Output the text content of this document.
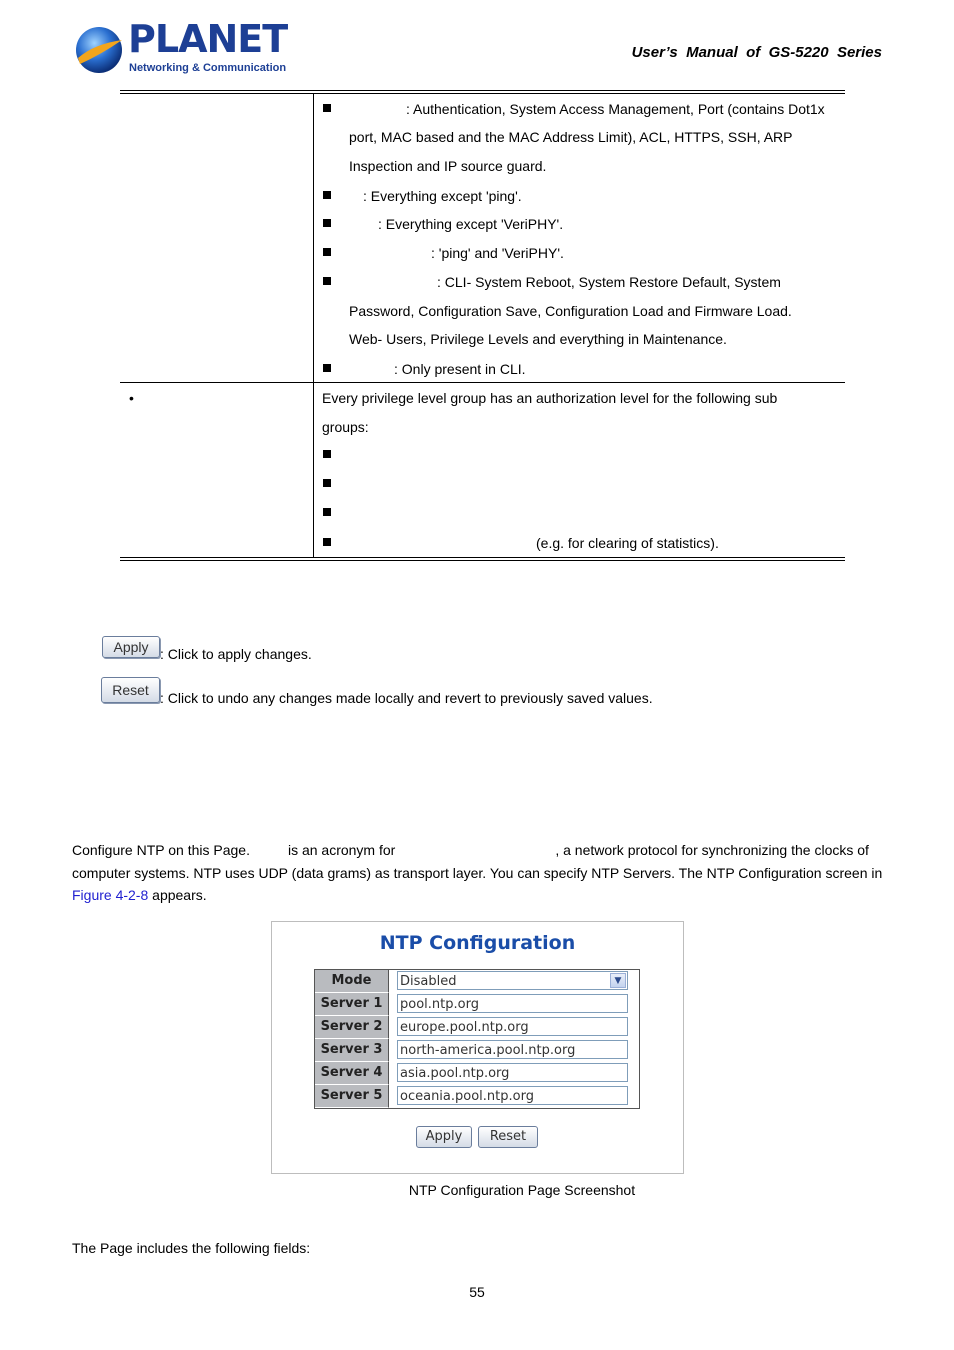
PLANET
Networking & Communication
User’s  Manual  of  GS-5220  Series
: Authentication, System Access Management, Port (contains Dot1x
port, MAC based and the MAC Address Limit), ACL, HTTPS, SSH, ARP
Inspection and IP source guard.
: Everything except 'ping'.
: Everything except 'VeriPHY'.
: 'ping' and 'VeriPHY'.
: CLI- System Reboot, System Restore Default, System
Password, Configuration Save, Configuration Load and Firmware Load.
Web- Users, Privilege Levels and everything in Maintenance.
: Only present in CLI.
•	Every privilege level group has an authorization level for the following sub
groups:
(e.g. for clearing of statistics).
Apply : Click to apply changes.
Reset : Click to undo any changes made locally and revert to previously saved values.
Configure NTP on this Page.	is an acronym for	, a network protocol for synchronizing the clocks of computer systems. NTP uses UDP (data grams) as transport layer. You can specify NTP Servers. The NTP Configuration screen in Figure 4-2-8 appears.
NTP Configuration
Mode	Disabled	▼
Server 1	pool.ntp.org
Server 2	europe.pool.ntp.org
Server 3	north-america.pool.ntp.org
Server 4	asia.pool.ntp.org
Server 5	oceania.pool.ntp.org
Apply	Reset
NTP Configuration Page Screenshot
The Page includes the following fields:
55
